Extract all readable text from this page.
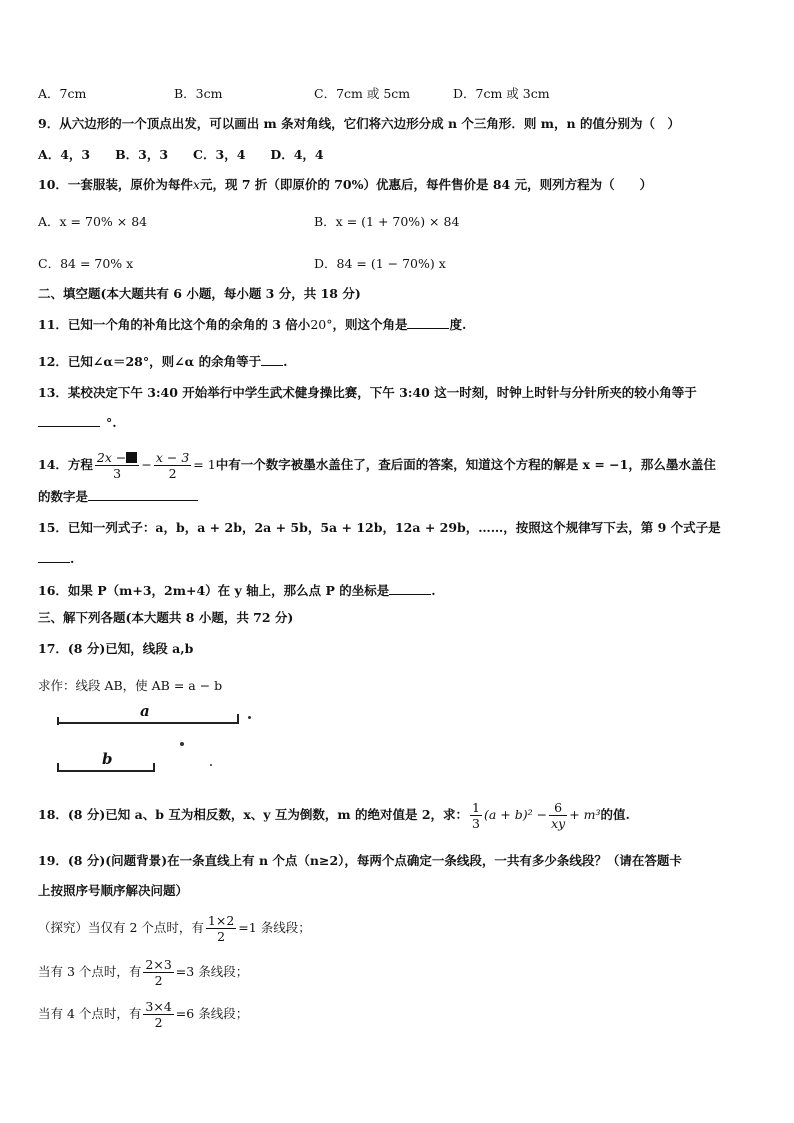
A．7cm	B．3cm	C．7cm 或 5cm	D．7cm 或 3cm
9．从六边形的一个顶点出发，可以画出 m 条对角线，它们将六边形分成 n 个三角形．则 m，n 的值分别为（　）
A．4，3　　B．3，3　　C．3，4　　D．4，4
10．一套服装，原价为每件x元，现 7 折（即原价的 70%）优惠后，每件售价是 84 元，则列方程为（　　）
A．x = 70% × 84	B．x = (1 + 70%) × 84
C．84 = 70% x	D．84 = (1 − 70%) x
二、填空题(本大题共有 6 小题，每小题 3 分，共 18 分)
11．已知一个角的补角比这个角的余角的 3 倍小20°，则这个角是	度.
12．已知∠α＝28°，则∠α 的余角等于 .
13．某校决定下午 3:40 开始举行中学生武术健身操比赛，下午 3:40 这一时刻，时钟上时针与分针所夹的较小角等于
°.
14．方程 $\frac{2x -}{3} - \frac{x - 3}{2} = 1$中有一个数字被墨水盖住了，查后面的答案，知道这个方程的解是 x = −1，那么墨水盖住
的数字是
15．已知一列式子：a，b，a + 2b，2a + 5b，5a + 12b，12a + 29b，……，按照这个规律写下去，第 9 个式子是
.
16．如果 P（m+3，2m+4）在 y 轴上，那么点 P 的坐标是	.
三、解下列各题(本大题共 8 小题，共 72 分)
17．(8 分)已知，线段 a,b
求作：线段 AB，使 AB = a − b
a
b
18．(8 分)已知 a、b 互为相反数，x、y 互为倒数，m 的绝对值是 2，求： $\frac{1}{3} (a + b)^2 - \frac{6}{xy} + m^3$的值.
19．(8 分)(问题背景)在一条直线上有 n 个点（n≥2），每两个点确定一条线段，一共有多少条线段？（请在答题卡
上按照序号顺序解决问题）
（探究）当仅有 2 个点时，有 $\frac{1\times 2}{2} =1$ 条线段；
当有 3 个点时，有 $\frac{2\times 3}{2} =3$ 条线段；
当有 4 个点时，有 $\frac{3\times 4}{2} =6$ 条线段；
